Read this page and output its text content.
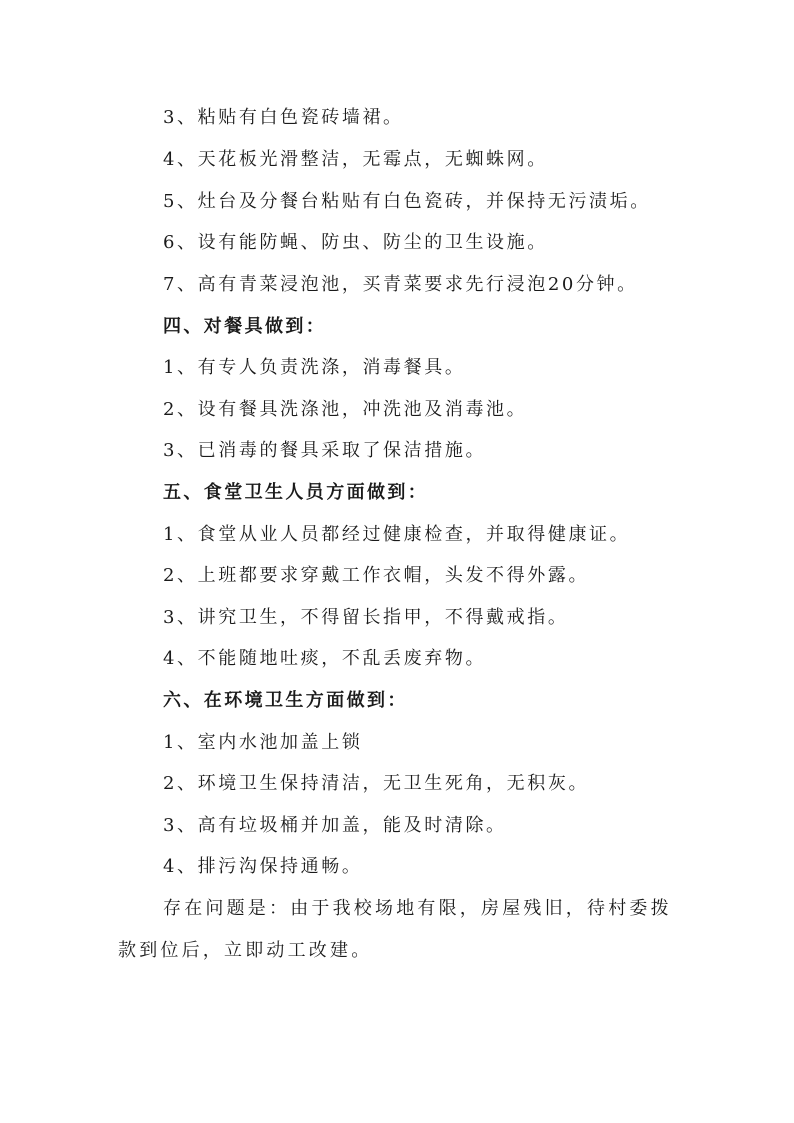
3、粘贴有白色瓷砖墙裙。
4、天花板光滑整洁，无霉点，无蜘蛛网。
5、灶台及分餐台粘贴有白色瓷砖，并保持无污渍垢。
6、设有能防蝇、防虫、防尘的卫生设施。
7、高有青菜浸泡池，买青菜要求先行浸泡20分钟。
四、对餐具做到：
1、有专人负责洗涤，消毒餐具。
2、设有餐具洗涤池，冲洗池及消毒池。
3、已消毒的餐具采取了保洁措施。
五、食堂卫生人员方面做到：
1、食堂从业人员都经过健康检查，并取得健康证。
2、上班都要求穿戴工作衣帽，头发不得外露。
3、讲究卫生，不得留长指甲，不得戴戒指。
4、不能随地吐痰，不乱丢废弃物。
六、在环境卫生方面做到：
1、室内水池加盖上锁
2、环境卫生保持清洁，无卫生死角，无积灰。
3、高有垃圾桶并加盖，能及时清除。
4、排污沟保持通畅。
存在问题是：由于我校场地有限，房屋残旧，待村委拨
款到位后，立即动工改建。
